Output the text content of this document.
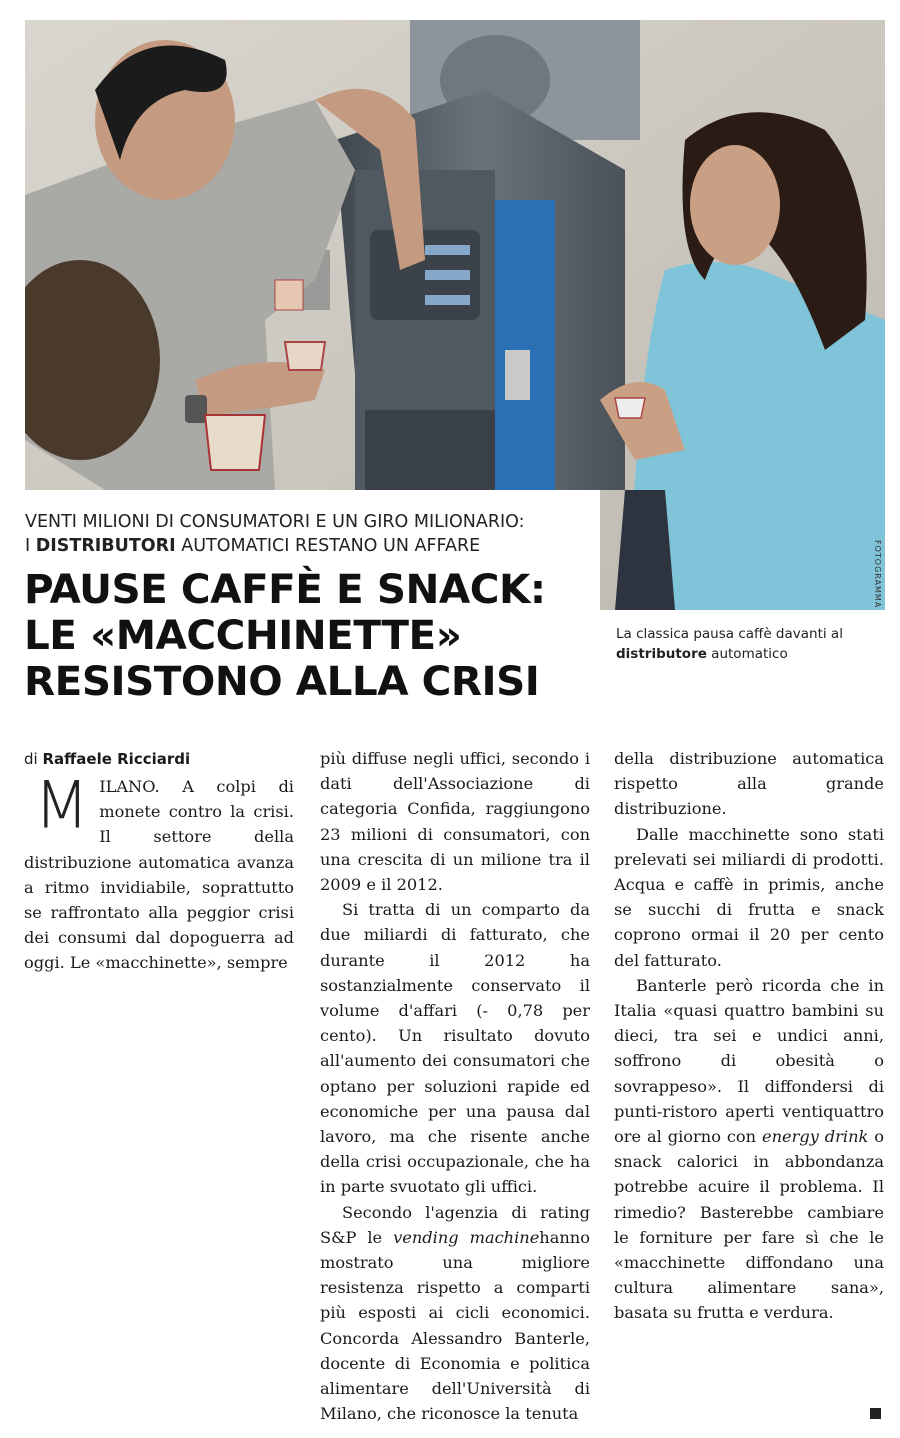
FOTOGRAMMA
VENTI MILIONI DI CONSUMATORI E UN GIRO MILIONARIO:
I DISTRIBUTORI AUTOMATICI RESTANO UN AFFARE
PAUSE CAFFÈ E SNACK:
LE «MACCHINETTE»
RESISTONO ALLA CRISI
La classica pausa caffè davanti al distributore automatico
di Raffaele Ricciardi

MILANO. A colpi di monete contro la crisi. Il settore della distribuzione automatica avanza a ritmo invidiabile, soprattutto se raffrontato alla peggior crisi dei consumi dal dopoguerra ad oggi. Le «macchinette», sempre

più diffuse negli uffici, secondo i dati dell'Associazione di categoria Confida, raggiungono 23 milioni di consumatori, con una crescita di un milione tra il 2009 e il 2012.

Si tratta di un comparto da due miliardi di fatturato, che durante il 2012 ha sostanzialmente conservato il volume d'affari (- 0,78 per cento). Un risultato dovuto all'aumento dei consumatori che optano per soluzioni rapide ed economiche per una pausa dal lavoro, ma che risente anche della crisi occupazionale, che ha in parte svuotato gli uffici.

Secondo l'agenzia di rating S&P le vending machinehanno mostrato una migliore resistenza rispetto a comparti più esposti ai cicli economici. Concorda Alessandro Banterle, docente di Economia e politica alimentare dell'Università di Milano, che riconosce la tenuta

della distribuzione automatica rispetto alla grande distribuzione.

Dalle macchinette sono stati prelevati sei miliardi di prodotti. Acqua e caffè in primis, anche se succhi di frutta e snack coprono ormai il 20 per cento del fatturato.

Banterle però ricorda che in Italia «quasi quattro bambini su dieci, tra sei e undici anni, soffrono di obesità o sovrappeso». Il diffondersi di punti-ristoro aperti ventiquattro ore al giorno con energy drink o snack calorici in abbondanza potrebbe acuire il problema. Il rimedio? Basterebbe cambiare le forniture per fare sì che le «macchinette diffondano una cultura alimentare sana», basata su frutta e verdura.
